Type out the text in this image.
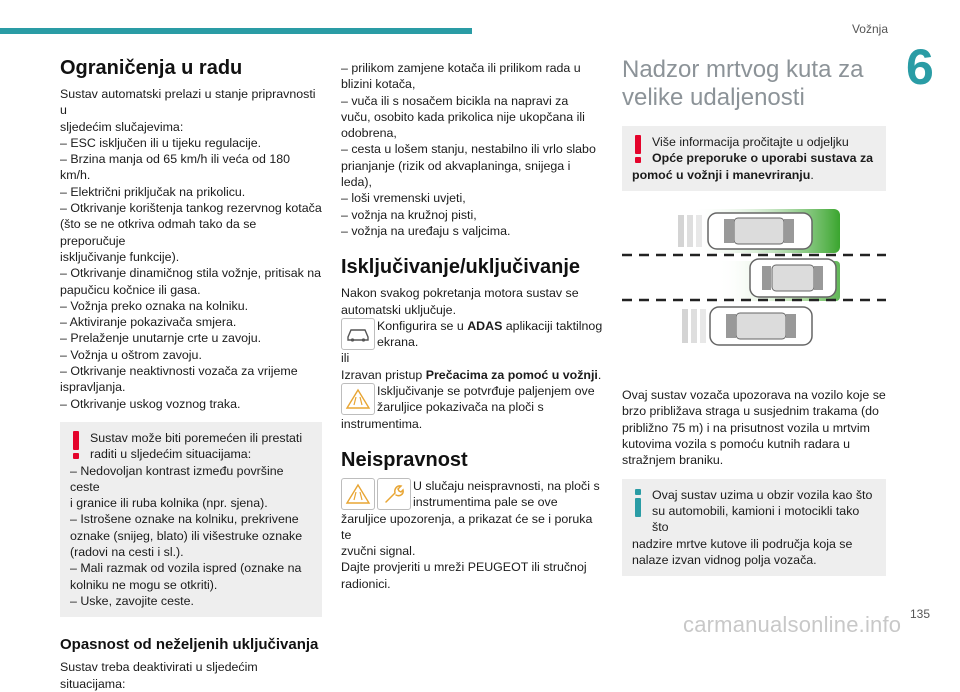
Vožnja
6
Ograničenja u radu
Sustav automatski prelazi u stanje pripravnosti u
sljedećim slučajevima:
– ESC isključen ili u tijeku regulacije.
– Brzina manja od 65 km/h ili veća od 180 km/h.
– Električni priključak na prikolicu.
– Otkrivanje korištenja tankog rezervnog kotača
(što se ne otkriva odmah tako da se preporučuje
isključivanje funkcije).
– Otkrivanje dinamičnog stila vožnje, pritisak na
papučicu kočnice ili gasa.
– Vožnja preko oznaka na kolniku.
– Aktiviranje pokazivača smjera.
– Prelaženje unutarnje crte u zavoju.
– Vožnja u oštrom zavoju.
– Otkrivanje neaktivnosti vozača za vrijeme
ispravljanja.
– Otkrivanje uskog voznog traka.
Sustav može biti poremećen ili prestati
raditi u sljedećim situacijama:
– Nedovoljan kontrast između površine ceste
i granice ili ruba kolnika (npr. sjena).
– Istrošene oznake na kolniku, prekrivene
oznake (snijeg, blato) ili višestruke oznake
(radovi na cesti i sl.).
– Mali razmak od vozila ispred (oznake na
kolniku ne mogu se otkriti).
– Uske, zavojite ceste.
Opasnost od neželjenih uključivanja
Sustav treba deaktivirati u sljedećim situacijama:
– prilikom zamjene kotača ili prilikom rada u
blizini kotača,
– vuča ili s nosačem bicikla na napravi za
vuču, osobito kada prikolica nije ukopčana ili
odobrena,
– cesta u lošem stanju, nestabilno ili vrlo slabo
prianjanje (rizik od akvaplaninga, snijega i leda),
– loši vremenski uvjeti,
– vožnja na kružnoj pisti,
– vožnja na uređaju s valjcima.
Isključivanje/uključivanje
Nakon svakog pokretanja motora sustav se
automatski uključuje.
Konfigurira se u ADAS aplikaciji taktilnog
ekrana.
ili
Izravan pristup Prečacima za pomoć u vožnji.
Isključivanje se potvrđuje paljenjem ove
žaruljice pokazivača na ploči s
instrumentima.
Neispravnost
U slučaju neispravnosti, na ploči s
instrumentima pale se ove
žaruljice upozorenja, a prikazat će se i poruka te
zvučni signal.
Dajte provjeriti u mreži PEUGEOT ili stručnoj
radionici.
Nadzor mrtvog kuta za
velike udaljenosti
Više informacija pročitajte u odjeljku
Opće preporuke o uporabi sustava za
pomoć u vožnji i manevriranju.
Ovaj sustav vozača upozorava na vozilo koje se
brzo približava straga u susjednim trakama (do
približno 75 m) i na prisutnost vozila u mrtvim
kutovima vozila s pomoću kutnih radara u
stražnjem braniku.
Ovaj sustav uzima u obzir vozila kao što
su automobili, kamioni i motocikli tako što
nadzire mrtve kutove ili područja koja se
nalaze izvan vidnog polja vozača.
135
carmanualsonline.info
